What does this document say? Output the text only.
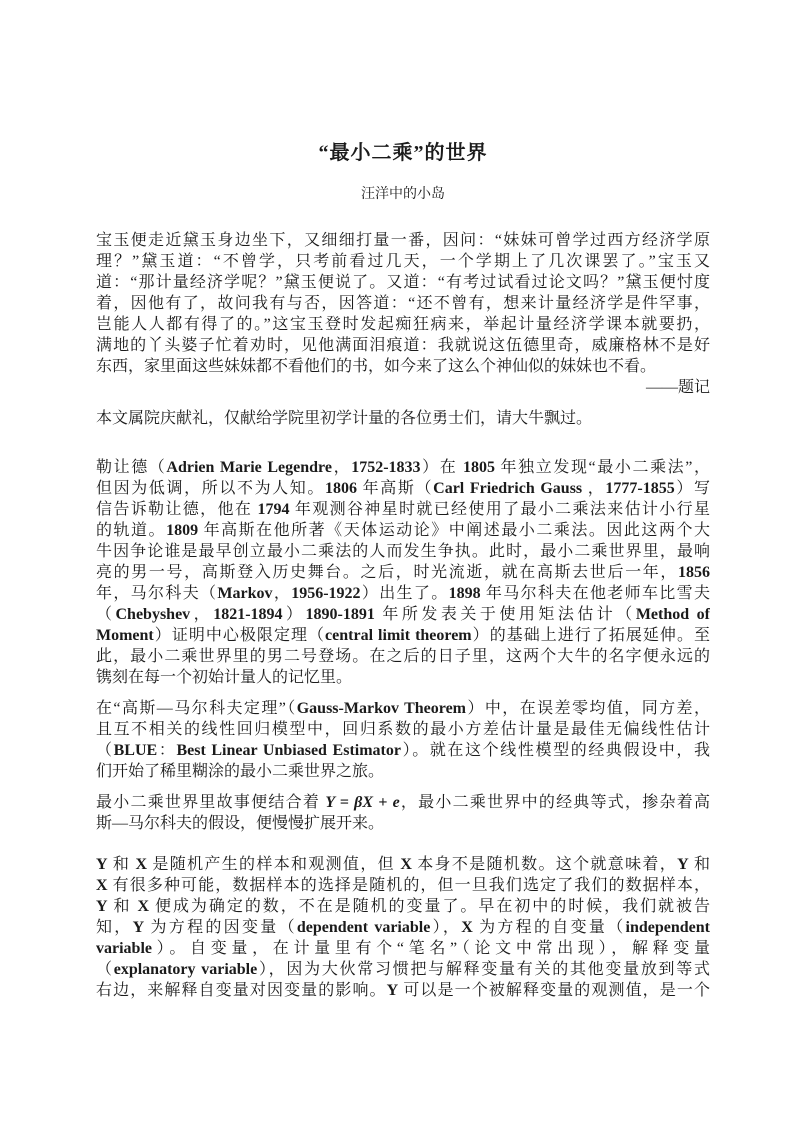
“最小二乘”的世界
汪洋中的小岛
宝玉便走近黛玉身边坐下，又细细打量一番，因问：“妹妹可曾学过西方经济学原
理？”黛玉道：“不曾学，只考前看过几天，一个学期上了几次课罢了。”宝玉又
道：“那计量经济学呢？”黛玉便说了。又道：“有考过试看过论文吗？”黛玉便忖度
着，因他有了，故问我有与否，因答道：“还不曾有，想来计量经济学是件罕事，
岂能人人都有得了的。”这宝玉登时发起痴狂病来，举起计量经济学课本就要扔，
满地的丫头婆子忙着劝时，见他满面泪痕道：我就说这伍德里奇，威廉格林不是好
东西，家里面这些妹妹都不看他们的书，如今来了这么个神仙似的妹妹也不看。
——题记
本文属院庆献礼，仅献给学院里初学计量的各位勇士们，请大牛飘过。
勒让德（Adrien Marie Legendre，1752-1833）在 1805 年独立发现“最小二乘法”，
但因为低调，所以不为人知。1806 年高斯（Carl Friedrich Gauss ，1777-1855）写
信告诉勒让德，他在 1794 年观测谷神星时就已经使用了最小二乘法来估计小行星
的轨道。1809 年高斯在他所著《天体运动论》中阐述最小二乘法。因此这两个大
牛因争论谁是最早创立最小二乘法的人而发生争执。此时，最小二乘世界里，最响
亮的男一号，高斯登入历史舞台。之后，时光流逝，就在高斯去世后一年，1856
年，马尔科夫（Markov，1956-1922）出生了。1898 年马尔科夫在他老师车比雪夫
（Chebyshev，1821-1894）1890-1891 年所发表关于使用矩法估计（Method of
Moment）证明中心极限定理（central limit theorem）的基础上进行了拓展延伸。至
此，最小二乘世界里的男二号登场。在之后的日子里，这两个大牛的名字便永远的
镌刻在每一个初始计量人的记忆里。
在“高斯—马尔科夫定理”（Gauss-Markov Theorem）中，在误差零均值，同方差，
且互不相关的线性回归模型中，回归系数的最小方差估计量是最佳无偏线性估计
（BLUE：Best Linear Unbiased Estimator）。就在这个线性模型的经典假设中，我
们开始了稀里糊涂的最小二乘世界之旅。
最小二乘世界里故事便结合着 Y = βX + e，最小二乘世界中的经典等式，掺杂着高
斯—马尔科夫的假设，便慢慢扩展开来。
Y 和 X 是随机产生的样本和观测值，但 X 本身不是随机数。这个就意味着，Y 和
X 有很多种可能，数据样本的选择是随机的，但一旦我们选定了我们的数据样本，
Y 和 X 便成为确定的数，不在是随机的变量了。早在初中的时候，我们就被告
知，Y 为方程的因变量（dependent variable），X 为方程的自变量（independent
variable）。自变量，在计量里有个“笔名”（论文中常出现），解释变量
（explanatory variable），因为大伙常习惯把与解释变量有关的其他变量放到等式
右边，来解释自变量对因变量的影响。Y 可以是一个被解释变量的观测值，是一个
